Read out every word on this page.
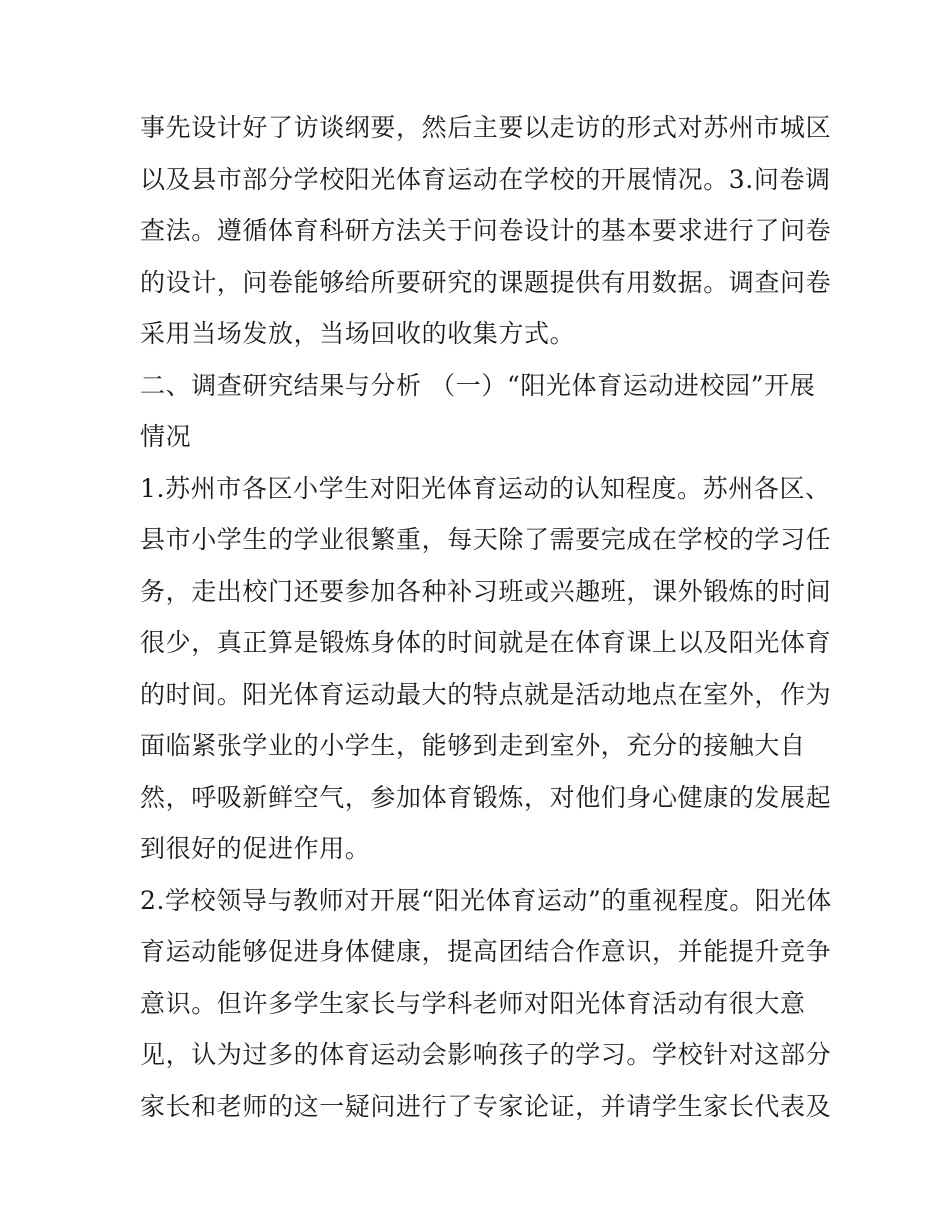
事先设计好了访谈纲要，然后主要以走访的形式对苏州市城区
以及县市部分学校阳光体育运动在学校的开展情况。3.问卷调
查法。遵循体育科研方法关于问卷设计的基本要求进行了问卷
的设计，问卷能够给所要研究的课题提供有用数据。调查问卷
采用当场发放，当场回收的收集方式。
二、调查研究结果与分析 （一）“阳光体育运动进校园”开展
情况
1.苏州市各区小学生对阳光体育运动的认知程度。苏州各区、
县市小学生的学业很繁重，每天除了需要完成在学校的学习任
务，走出校门还要参加各种补习班或兴趣班，课外锻炼的时间
很少，真正算是锻炼身体的时间就是在体育课上以及阳光体育
的时间。阳光体育运动最大的特点就是活动地点在室外，作为
面临紧张学业的小学生，能够到走到室外，充分的接触大自
然，呼吸新鲜空气，参加体育锻炼，对他们身心健康的发展起
到很好的促进作用。
2.学校领导与教师对开展“阳光体育运动”的重视程度。阳光体
育运动能够促进身体健康，提高团结合作意识，并能提升竞争
意识。但许多学生家长与学科老师对阳光体育活动有很大意
见，认为过多的体育运动会影响孩子的学习。学校针对这部分
家长和老师的这一疑问进行了专家论证，并请学生家长代表及
